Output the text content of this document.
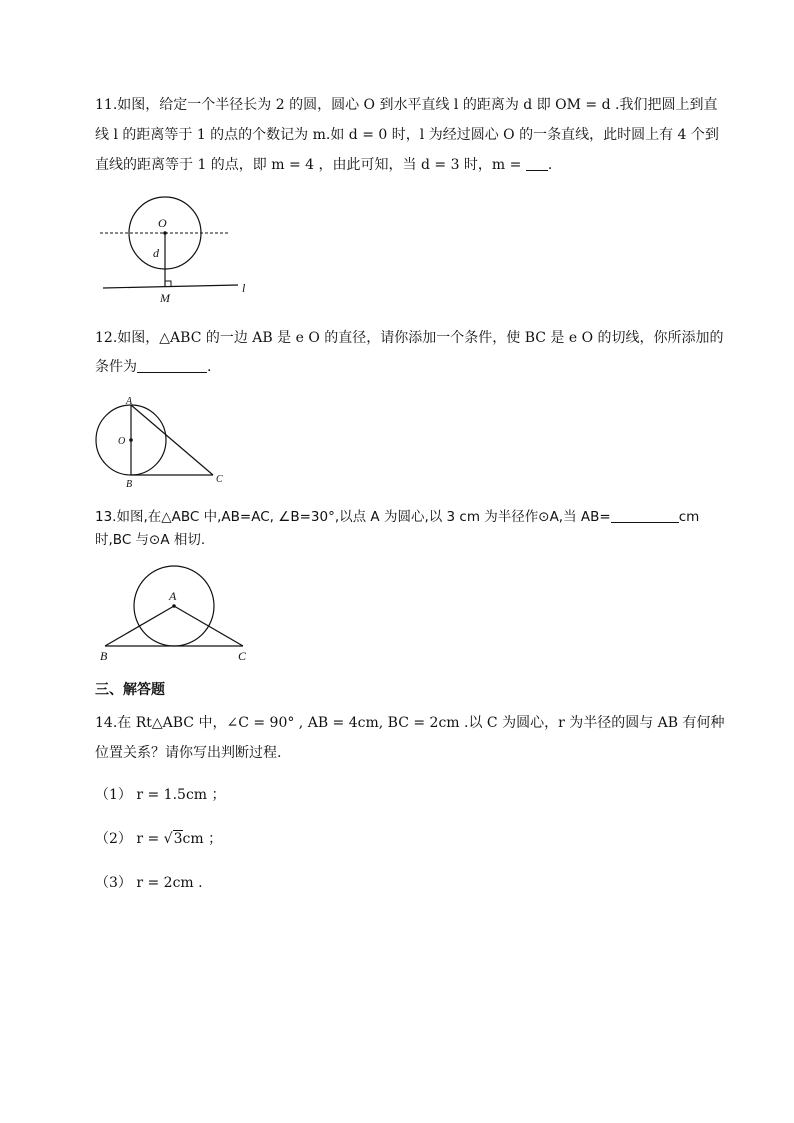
11.如图，给定一个半径长为 2 的圆，圆心 O 到水平直线 l 的距离为 d 即 OM = d .我们把圆上到直
线 l 的距离等于 1 的点的个数记为 m.如 d = 0 时，l 为经过圆心 O 的一条直线，此时圆上有 4 个到
直线的距离等于 1 的点，即 m = 4 ，由此可知，当 d = 3 时，m = .
O
d
M
l
12.如图，△ABC 的一边 AB 是 e O 的直径，请你添加一个条件，使 BC 是 e O 的切线，你所添加的
条件为	.
A
O
B	C
13.如图,在△ABC 中,AB=AC, ∠B=30°,以点 A 为圆心,以 3 cm 为半径作⊙A,当 AB=	cm
时,BC 与⊙A 相切.
A
B	C
三、解答题
14.在 Rt△ABC 中，∠C = 90° , AB = 4cm, BC = 2cm .以 C 为圆心，r 为半径的圆与 AB 有何种
位置关系？请你写出判断过程.
（1） r = 1.5cm ；
（2） r = √3cm ；
（3） r = 2cm .
